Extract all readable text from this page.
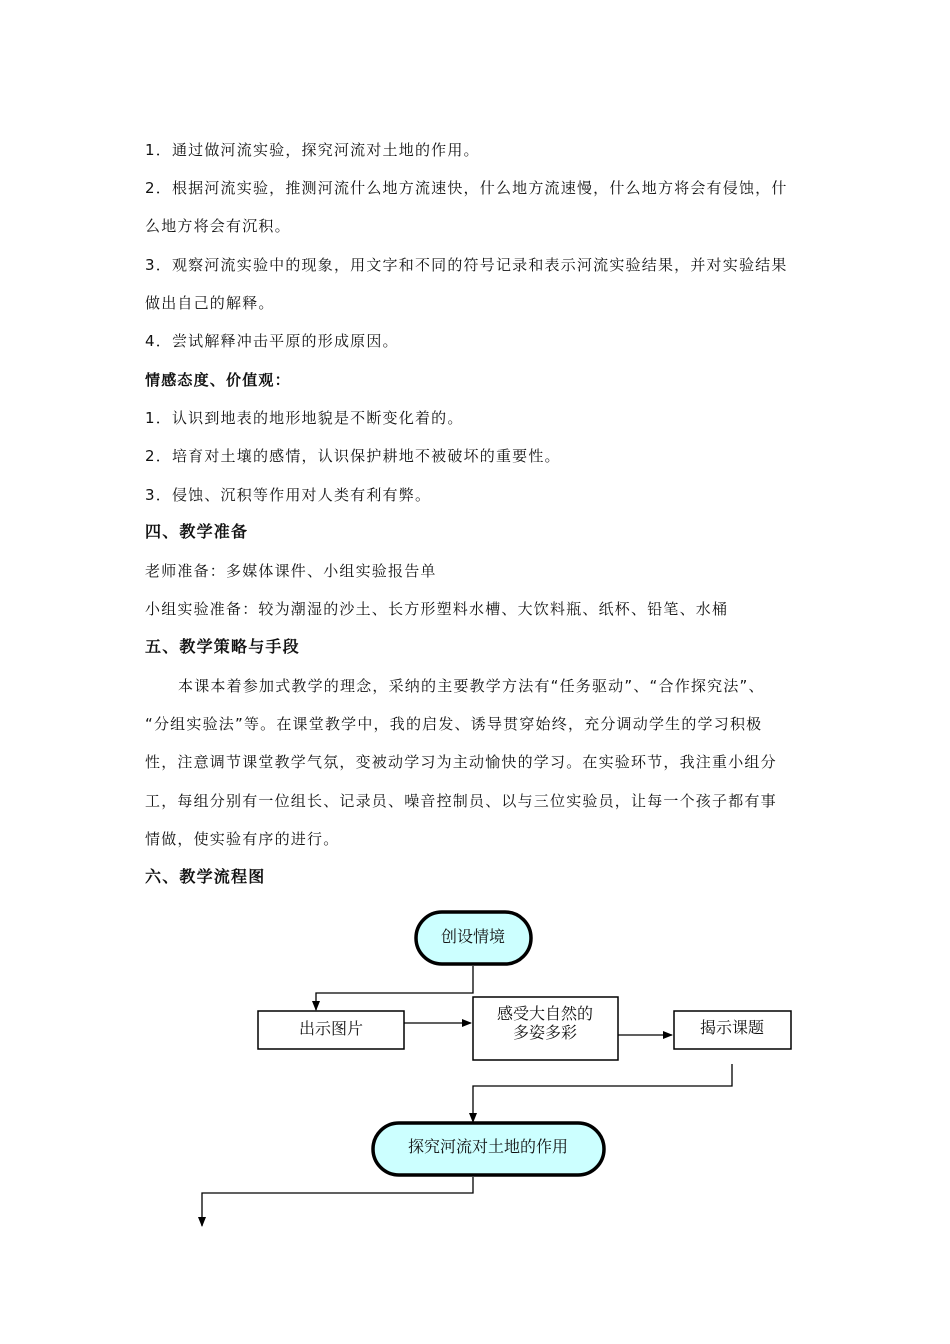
1．通过做河流实验，探究河流对土地的作用。
2．根据河流实验，推测河流什么地方流速快，什么地方流速慢，什么地方将会有侵蚀，什
么地方将会有沉积。
3．观察河流实验中的现象，用文字和不同的符号记录和表示河流实验结果，并对实验结果
做出自己的解释。
4．尝试解释冲击平原的形成原因。
情感态度、价值观：
1．认识到地表的地形地貌是不断变化着的。
2．培育对土壤的感情，认识保护耕地不被破坏的重要性。
3．侵蚀、沉积等作用对人类有利有弊。
四、教学准备
老师准备：多媒体课件、小组实验报告单
小组实验准备：较为潮湿的沙土、长方形塑料水槽、大饮料瓶、纸杯、铅笔、水桶
五、教学策略与手段
本课本着参加式教学的理念，采纳的主要教学方法有“任务驱动”、“合作探究法”、
“分组实验法”等。在课堂教学中，我的启发、诱导贯穿始终，充分调动学生的学习积极
性，注意调节课堂教学气氛，变被动学习为主动愉快的学习。在实验环节，我注重小组分
工，每组分别有一位组长、记录员、噪音控制员、以与三位实验员，让每一个孩子都有事
情做，使实验有序的进行。
六、教学流程图
创设情境
出示图片
感受大自然的
多姿多彩	揭示课题
探究河流对土地的作用
